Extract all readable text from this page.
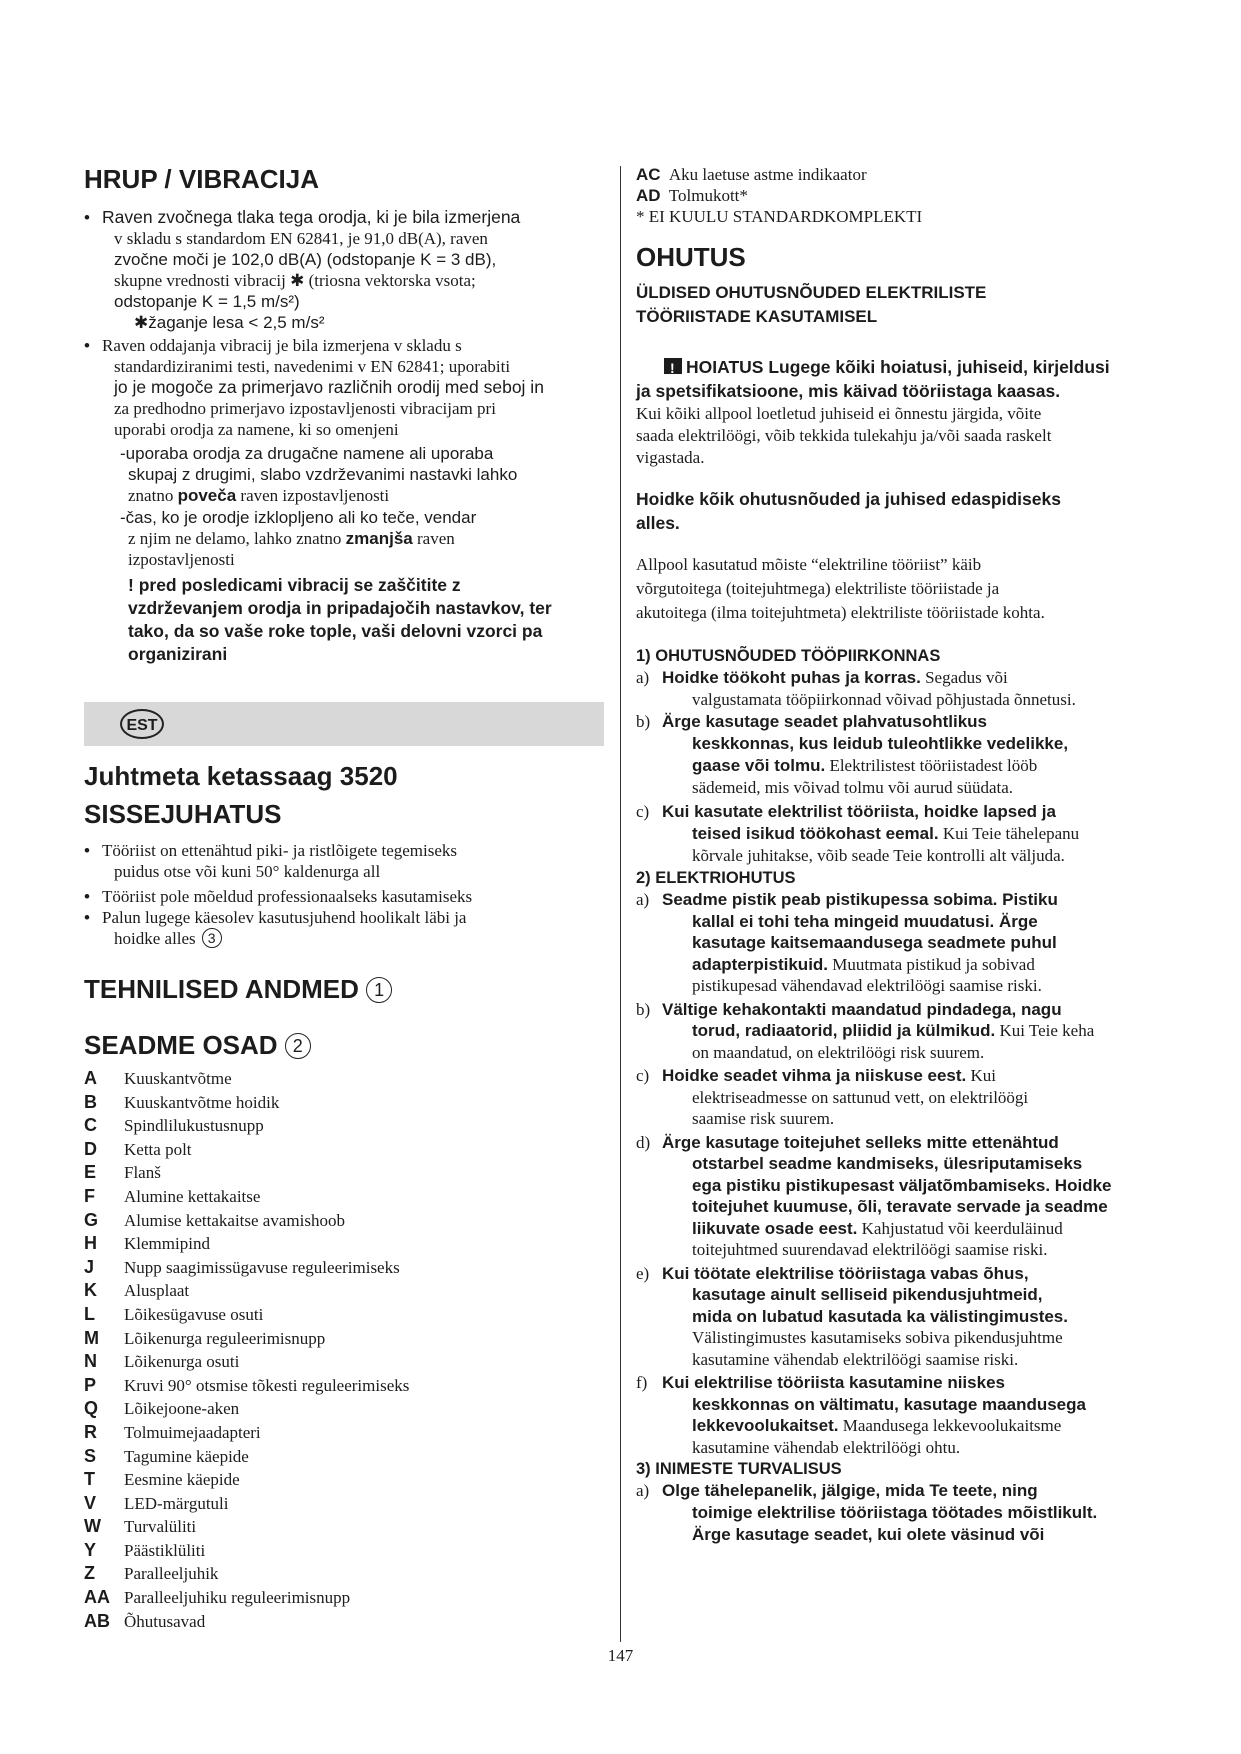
HRUP / VIBRACIJA
• Raven zvočnega tlaka tega orodja, ki je bila izmerjena

v skladu s standardom EN 62841, je 91,0 dB(A), raven
zvočne moči je 102,0 dB(A) (odstopanje K = 3 dB),
skupne vrednosti vibracij ✱ (triosna vektorska vsota;
odstopanje K = 1,5 m/s²)
✱žaganje lesa < 2,5 m/s²
• Raven oddajanja vibracij je bila izmerjena v skladu s

standardiziranimi testi, navedenimi v EN 62841; uporabiti
jo je mogoče za primerjavo različnih orodij med seboj in
za predhodno primerjavo izpostavljenosti vibracijam pri
uporabi orodja za namene, ki so omenjeni
-uporaba orodja za drugačne namene ali uporaba
skupaj z drugimi, slabo vzdrževanimi nastavki lahko
znatno poveča raven izpostavljenosti
-čas, ko je orodje izklopljeno ali ko teče, vendar
z njim ne delamo, lahko znatno zmanjša raven
izpostavljenosti
! pred posledicami vibracij se zaščitite z
vzdrževanjem orodja in pripadajočih nastavkov, ter
tako, da so vaše roke tople, vaši delovni vzorci pa
organizirani
EST
Juhtmeta ketassaag 3520
SISSEJUHATUS
• Tööriist on ettenähtud piki- ja ristlõigete tegemiseks

puidus otse või kuni 50° kaldenurga all
• Tööriist pole mõeldud professionaalseks kasutamiseks
• Palun lugege käesolev kasutusjuhend hoolikalt läbi ja

hoidke alles 3
TEHNILISED ANDMED 1
SEADME OSAD 2
A	Kuuskantvõtme
B	Kuuskantvõtme hoidik
C	Spindlilukustusnupp
D	Ketta polt
E	Flanš
F	Alumine kettakaitse
G	Alumise kettakaitse avamishoob
H	Klemmipind
J	Nupp saagimissügavuse reguleerimiseks
K	Alusplaat
L	Lõikesügavuse osuti
M	Lõikenurga reguleerimisnupp
N	Lõikenurga osuti
P	Kruvi 90° otsmise tõkesti reguleerimiseks
Q	Lõikejoone-aken
R	Tolmuimejaadapteri
S	Tagumine käepide
T	Eesmine käepide
V	LED-märgutuli
W	Turvalüliti
Y	Päästiklüliti
Z	Paralleeljuhik
AA Paralleeljuhiku reguleerimisnupp
AB Õhutusavad
AC Aku laetuse astme indikaator
AD Tolmukott*
* EI KUULU STANDARDKOMPLEKTI
OHUTUS
ÜLDISED OHUTUSNÕUDED ELEKTRILISTE
TÖÖRIISTADE KASUTAMISEL
!HOIATUS Lugege kõiki hoiatusi, juhiseid, kirjeldusi
ja spetsifikatsioone, mis käivad tööriistaga kaasas.
Kui kõiki allpool loetletud juhiseid ei õnnestu järgida, võite
saada elektrilöögi, võib tekkida tulekahju ja/või saada raskelt
vigastada.
Hoidke kõik ohutusnõuded ja juhised edaspidiseks
alles.
Allpool kasutatud mõiste “elektriline tööriist” käib
võrgutoitega (toitejuhtmega) elektriliste tööriistade ja
akutoitega (ilma toitejuhtmeta) elektriliste tööriistade kohta.
1) OHUTUSNÕUDED TÖÖPIIRKONNAS
a) Hoidke töökoht puhas ja korras. Segadus või
valgustamata tööpiirkonnad võivad põhjustada õnnetusi.
b) Ärge kasutage seadet plahvatusohtlikus
keskkonnas, kus leidub tuleohtlikke vedelikke,
gaase või tolmu. Elektrilistest tööriistadest lööb
sädemeid, mis võivad tolmu või aurud süüdata.
c) Kui kasutate elektrilist tööriista, hoidke lapsed ja
teised isikud töökohast eemal. Kui Teie tähelepanu
kõrvale juhitakse, võib seade Teie kontrolli alt väljuda.
2) ELEKTRIOHUTUS
a) Seadme pistik peab pistikupessa sobima. Pistiku
kallal ei tohi teha mingeid muudatusi. Ärge
kasutage kaitsemaandusega seadmete puhul
adapterpistikuid. Muutmata pistikud ja sobivad
pistikupesad vähendavad elektrilöögi saamise riski.
b) Vältige kehakontakti maandatud pindadega, nagu
torud, radiaatorid, pliidid ja külmikud. Kui Teie keha
on maandatud, on elektrilöögi risk suurem.
c) Hoidke seadet vihma ja niiskuse eest. Kui
elektriseadmesse on sattunud vett, on elektrilöögi
saamise risk suurem.
d) Ärge kasutage toitejuhet selleks mitte ettenähtud
otstarbel seadme kandmiseks, ülesriputamiseks
ega pistiku pistikupesast väljatõmbamiseks. Hoidke
toitejuhet kuumuse, õli, teravate servade ja seadme
liikuvate osade eest. Kahjustatud või keerduläinud
toitejuhtmed suurendavad elektrilöögi saamise riski.
e) Kui töötate elektrilise tööriistaga vabas õhus,
kasutage ainult selliseid pikendusjuhtmeid,
mida on lubatud kasutada ka välistingimustes.
Välistingimustes kasutamiseks sobiva pikendusjuhtme
kasutamine vähendab elektrilöögi saamise riski.
f) Kui elektrilise tööriista kasutamine niiskes
keskkonnas on vältimatu, kasutage maandusega
lekkevoolukaitset. Maandusega lekkevoolukaitsme
kasutamine vähendab elektrilöögi ohtu.
3) INIMESTE TURVALISUS
a) Olge tähelepanelik, jälgige, mida Te teete, ning
toimige elektrilise tööriistaga töötades mõistlikult.
Ärge kasutage seadet, kui olete väsinud või
147
